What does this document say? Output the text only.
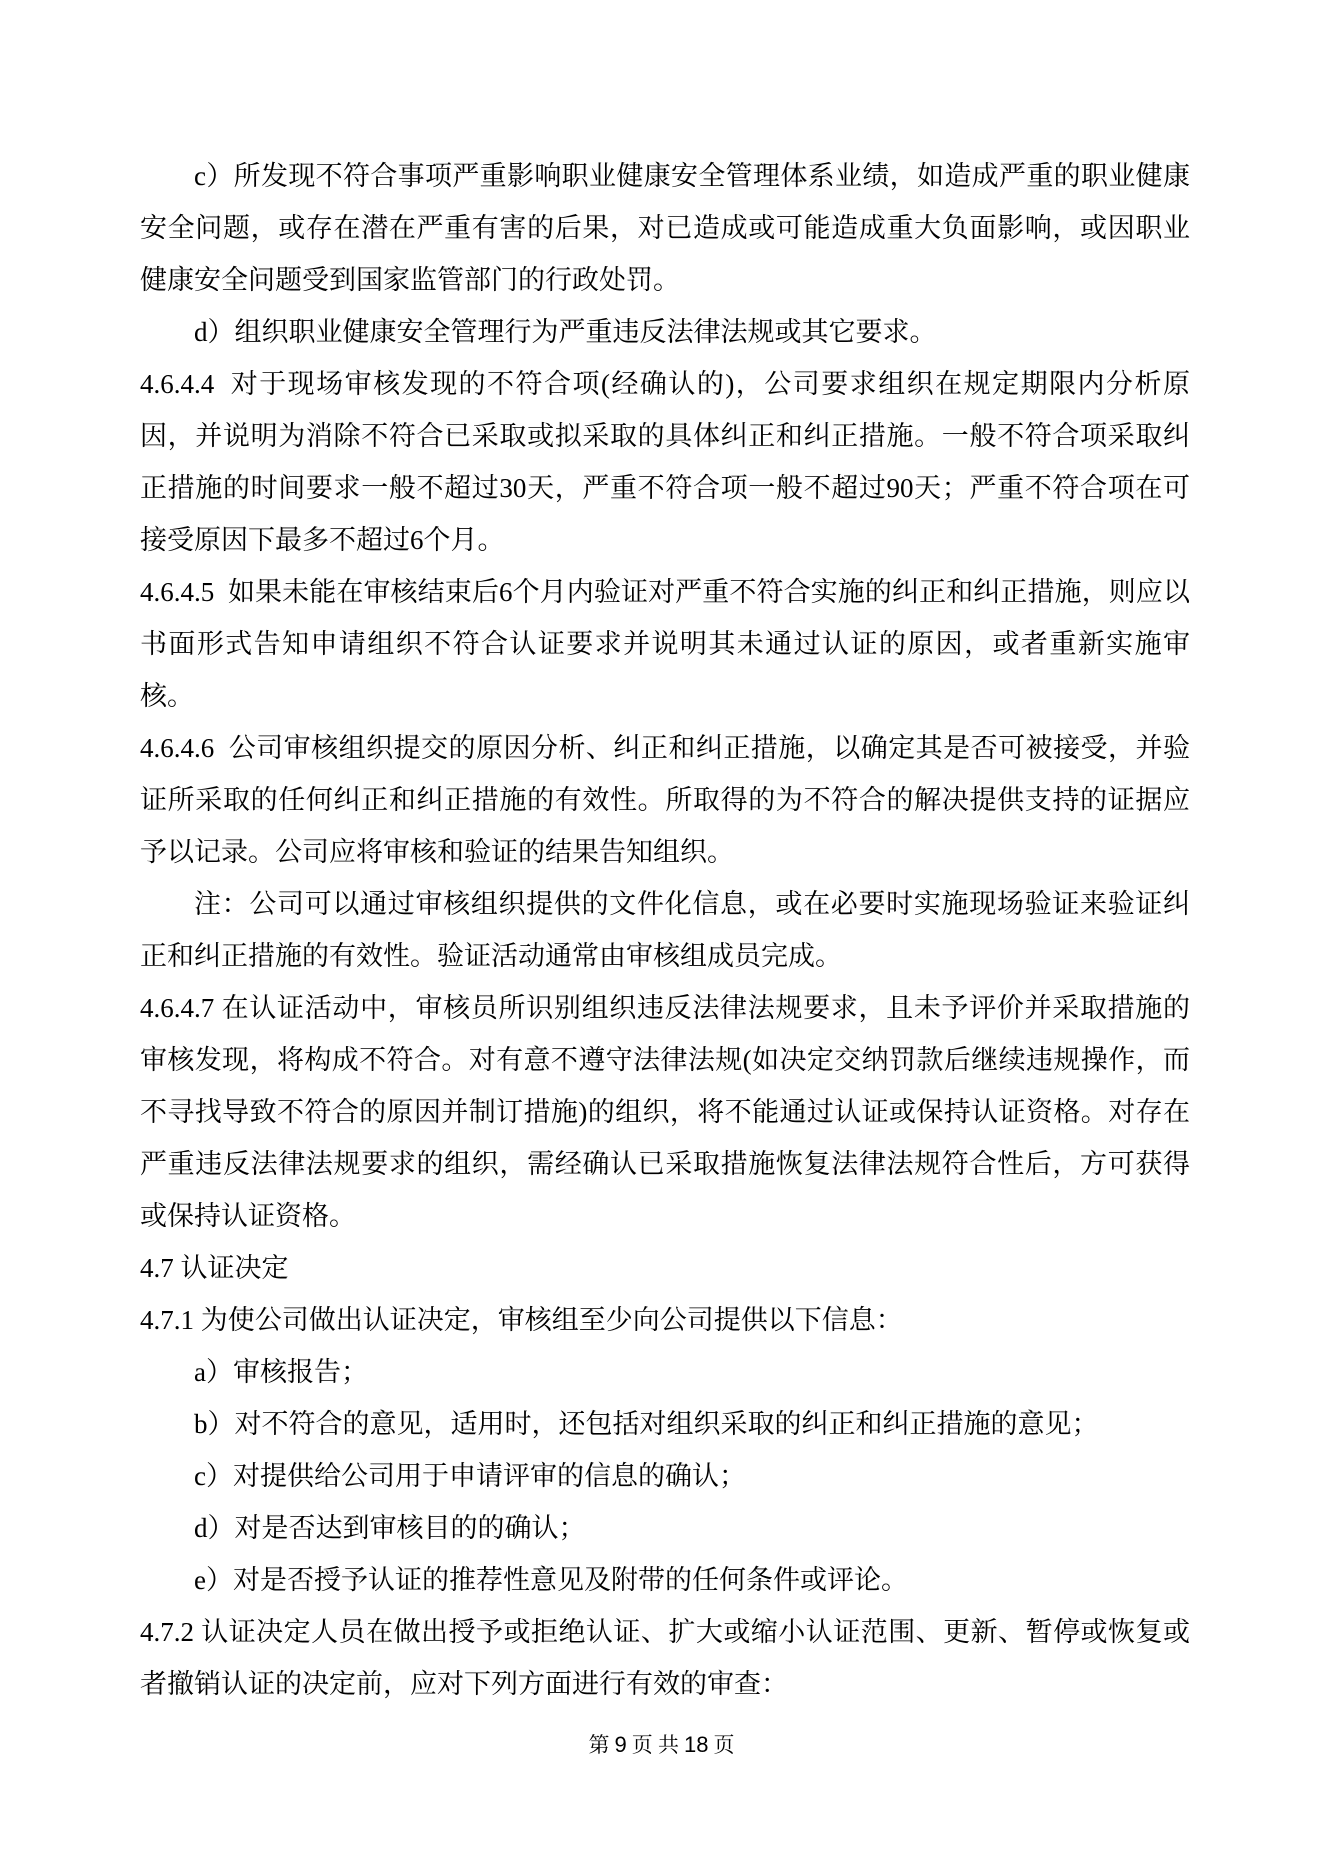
c）所发现不符合事项严重影响职业健康安全管理体系业绩，如造成严重的职业健康安全问题，或存在潜在严重有害的后果，对已造成或可能造成重大负面影响，或因职业健康安全问题受到国家监管部门的行政处罚。

d）组织职业健康安全管理行为严重违反法律法规或其它要求。

4.6.4.4  对于现场审核发现的不符合项(经确认的)，公司要求组织在规定期限内分析原因，并说明为消除不符合已采取或拟采取的具体纠正和纠正措施。一般不符合项采取纠正措施的时间要求一般不超过30天，严重不符合项一般不超过90天；严重不符合项在可接受原因下最多不超过6个月。

4.6.4.5  如果未能在审核结束后6个月内验证对严重不符合实施的纠正和纠正措施，则应以书面形式告知申请组织不符合认证要求并说明其未通过认证的原因，或者重新实施审核。

4.6.4.6  公司审核组织提交的原因分析、纠正和纠正措施，以确定其是否可被接受，并验证所采取的任何纠正和纠正措施的有效性。所取得的为不符合的解决提供支持的证据应予以记录。公司应将审核和验证的结果告知组织。

注：公司可以通过审核组织提供的文件化信息，或在必要时实施现场验证来验证纠正和纠正措施的有效性。验证活动通常由审核组成员完成。

4.6.4.7 在认证活动中，审核员所识别组织违反法律法规要求，且未予评价并采取措施的审核发现，将构成不符合。对有意不遵守法律法规(如决定交纳罚款后继续违规操作，而不寻找导致不符合的原因并制订措施)的组织，将不能通过认证或保持认证资格。对存在严重违反法律法规要求的组织，需经确认已采取措施恢复法律法规符合性后，方可获得或保持认证资格。

4.7 认证决定

4.7.1 为使公司做出认证决定，审核组至少向公司提供以下信息：

a）审核报告；

b）对不符合的意见，适用时，还包括对组织采取的纠正和纠正措施的意见；

c）对提供给公司用于申请评审的信息的确认；

d）对是否达到审核目的的确认；

e）对是否授予认证的推荐性意见及附带的任何条件或评论。

4.7.2 认证决定人员在做出授予或拒绝认证、扩大或缩小认证范围、更新、暂停或恢复或者撤销认证的决定前，应对下列方面进行有效的审查：

第 9 页 共 18 页
